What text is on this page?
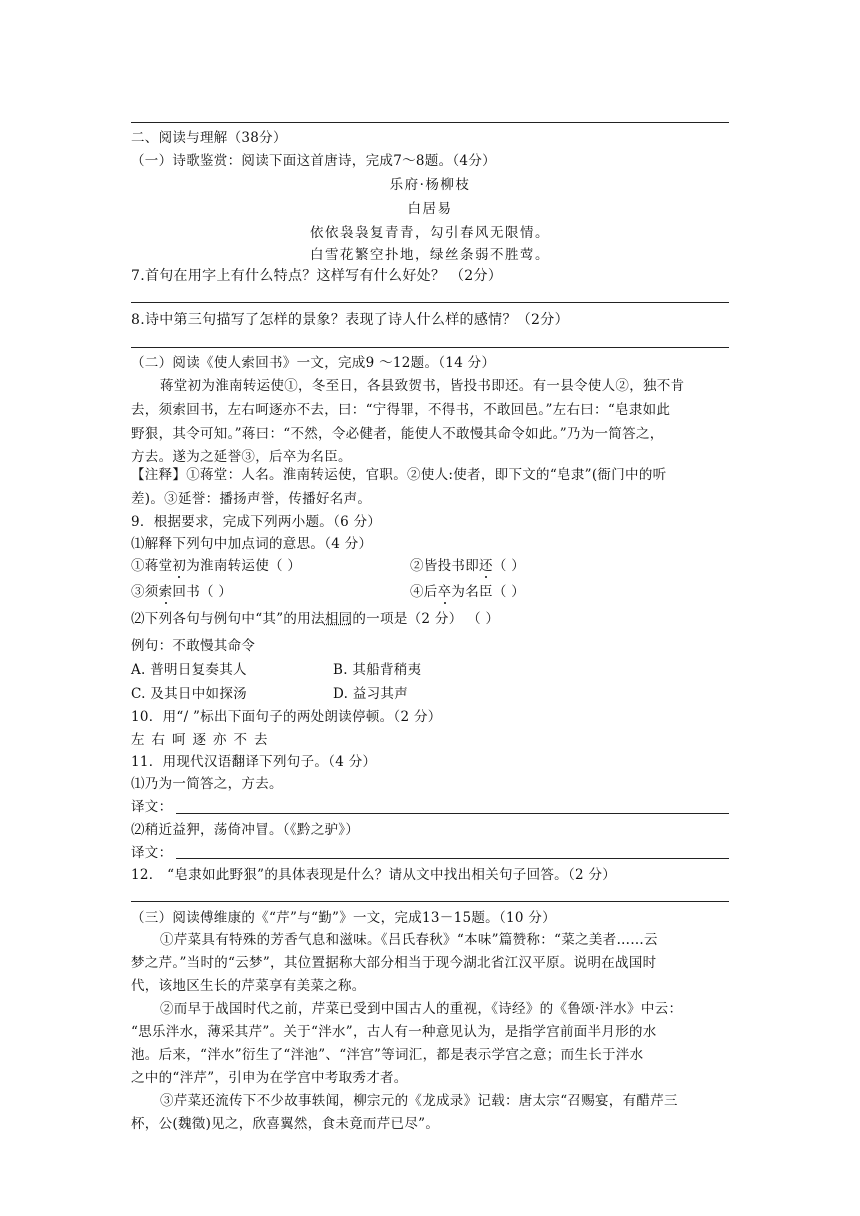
二、阅读与理解（38分）
（一）诗歌鉴赏：阅读下面这首唐诗，完成7～8题。（4分）
乐府·杨柳枝
白居易
依依袅袅复青青，勾引春风无限情。
白雪花繁空扑地，绿丝条弱不胜莺。
7.首句在用字上有什么特点？这样写有什么好处？ （2分）
8.诗中第三句描写了怎样的景象？表现了诗人什么样的感情？（2分）
（二）阅读《使人索回书》一文，完成9 ～12题。（14 分）
蒋堂初为淮南转运使①，冬至日，各县致贺书，皆投书即还。有一县令使人②，独不肯
去，须索回书，左右呵逐亦不去，曰：“宁得罪，不得书，不敢回邑。”左右曰：“皂隶如此
野狠，其令可知。”蒋曰：“不然，令必健者，能使人不敢慢其命令如此。”乃为一简答之，
方去。遂为之延誉③，后卒为名臣。
【注释】①蒋堂：人名。淮南转运使，官职。②使人:使者，即下文的“皂隶”(衙门中的听
差)。③延誉：播扬声誉，传播好名声。
9．根据要求，完成下列两小题。（6 分）
⑴解释下列句中加点词的意思。（4 分）
①蒋堂初为淮南转运使（ ）	②皆投书即还（ ）
③须索回书（ ）	④后卒为名臣（ ）
⑵下列各句与例句中“其”的用法相同的一项是（2 分） （ ）
例句：不敢慢其命令
A. 普明日复奏其人	B. 其船背稍夷
C. 及其日中如探汤	D. 益习其声
10．用“/ ”标出下面句子的两处朗读停顿。（2 分）
左右呵逐亦不去
11．用现代汉语翻译下列句子。（4 分）
⑴乃为一简答之，方去。
译文：
⑵稍近益狎，荡倚冲冒。（《黔之驴》）
译文：
12． “皂隶如此野狠”的具体表现是什么？请从文中找出相关句子回答。（2 分）
（三）阅读傅维康的《“芹”与“勤”》一文，完成13－15题。（10 分）
①芹菜具有特殊的芳香气息和滋味。《吕氏春秋》“本味”篇赞称：“菜之美者……云
梦之芹。”当时的“云梦”，其位置据称大部分相当于现今湖北省江汉平原。说明在战国时
代，该地区生长的芹菜享有美菜之称。
②而早于战国时代之前，芹菜已受到中国古人的重视，《诗经》的《鲁颂·泮水》中云：
“思乐泮水，薄采其芹”。关于“泮水”，古人有一种意见认为，是指学宫前面半月形的水
池。后来，“泮水”衍生了“泮池”、“泮宫”等词汇，都是表示学宫之意；而生长于泮水
之中的“泮芹”，引申为在学宫中考取秀才者。
③芹菜还流传下不少故事轶闻，柳宗元的《龙成录》记载：唐太宗“召赐宴，有醋芹三
杯，公(魏徵)见之，欣喜翼然，食未竟而芹已尽”。
